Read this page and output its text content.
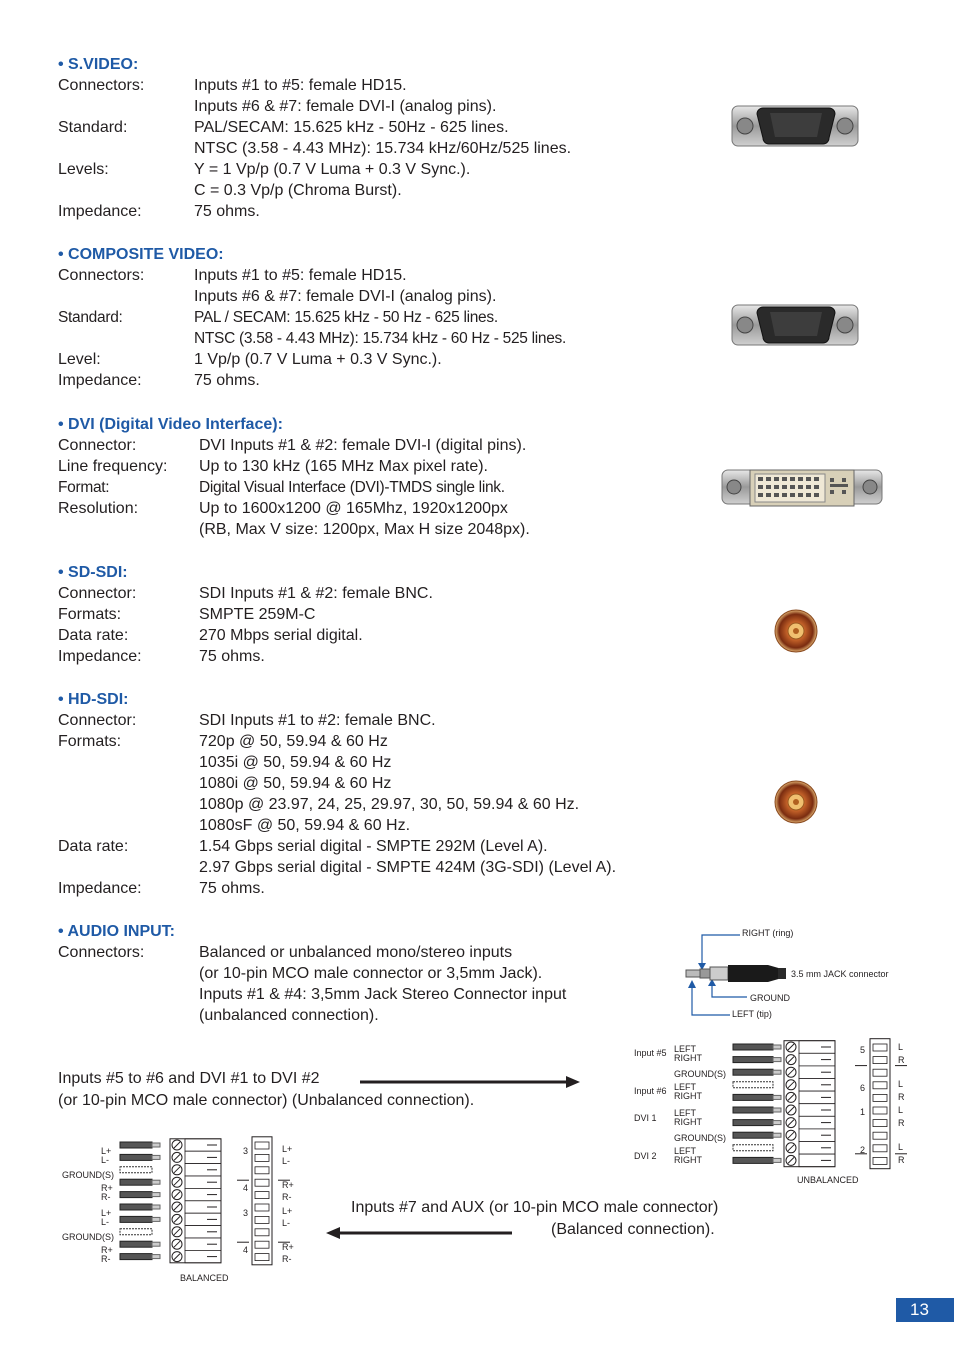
• S.VIDEO:
Connectors:	Inputs #1 to #5: female HD15.
Inputs #6 & #7: female DVI-I (analog pins).
Standard:	PAL/SECAM: 15.625 kHz - 50Hz - 625 lines.
NTSC (3.58 - 4.43 MHz): 15.734 kHz/60Hz/525 lines.
Levels:	Y = 1 Vp/p (0.7 V Luma + 0.3 V Sync.).
C = 0.3 Vp/p (Chroma Burst).
Impedance:	75 ohms.
• COMPOSITE VIDEO:
Connectors:	Inputs #1 to #5: female HD15.
Inputs #6 & #7: female DVI-I (analog pins).
Standard:	PAL / SECAM: 15.625 kHz - 50 Hz - 625 lines.
NTSC (3.58 - 4.43 MHz): 15.734 kHz - 60 Hz - 525 lines.
Level:	1 Vp/p (0.7 V Luma + 0.3 V Sync.).
Impedance:	75 ohms.
• DVI (Digital Video Interface):
Connector:	DVI Inputs #1 & #2: female DVI-I (digital pins).
Line frequency: Up to 130 kHz (165 MHz Max pixel rate).
Format:	Digital Visual Interface (DVI)-TMDS single link.
Resolution:	Up to 1600x1200 @ 165Mhz, 1920x1200px
(RB, Max V size: 1200px, Max H size 2048px).
• SD-SDI:
Connector:	SDI Inputs #1 & #2: female BNC.
Formats:	SMPTE 259M-C
Data rate:	270 Mbps serial digital.
Impedance:	75 ohms.
• HD-SDI:
Connector:	SDI Inputs #1 to #2: female BNC.
Formats:	720p @ 50, 59.94 & 60 Hz
1035i @ 50, 59.94 & 60 Hz
1080i @ 50, 59.94 & 60 Hz
1080p @ 23.97, 24, 25, 29.97, 30, 50, 59.94 & 60 Hz.
1080sF @ 50, 59.94 & 60 Hz.
Data rate:	1.54 Gbps serial digital - SMPTE 292M (Level A).
2.97 Gbps serial digital - SMPTE 424M (3G-SDI) (Level A).
Impedance:	75 ohms.
• AUDIO INPUT:
Connectors:	Balanced or unbalanced mono/stereo inputs
(or 10-pin MCO male connector or 3,5mm Jack).
Inputs #1 & #4: 3,5mm Jack Stereo Connector input
(unbalanced connection).
Inputs #5 to #6 and DVI #1 to DVI #2
(or 10-pin MCO male connector) (Unbalanced connection).
Inputs #7 and AUX (or 10-pin MCO male connector)
(Balanced connection).
RIGHT (ring)
3.5 mm JACK connector
GROUND
LEFT (tip)
Input #5 LEFT
RIGHT
GROUND(S)
Input #6 LEFT
RIGHT
DVI 1 LEFT
RIGHT
GROUND(S)
DVI 2 LEFT
RIGHT
5
6
1
2
L
R
L
R
L
R
L
R
UNBALANCED
L+
L-
GROUND(S)
R+
R-
L+
L-
GROUND(S)
R+
R-
3
4
3
4
L+
L-
R+
R-
L+
L-
R+
R-
BALANCED
13
